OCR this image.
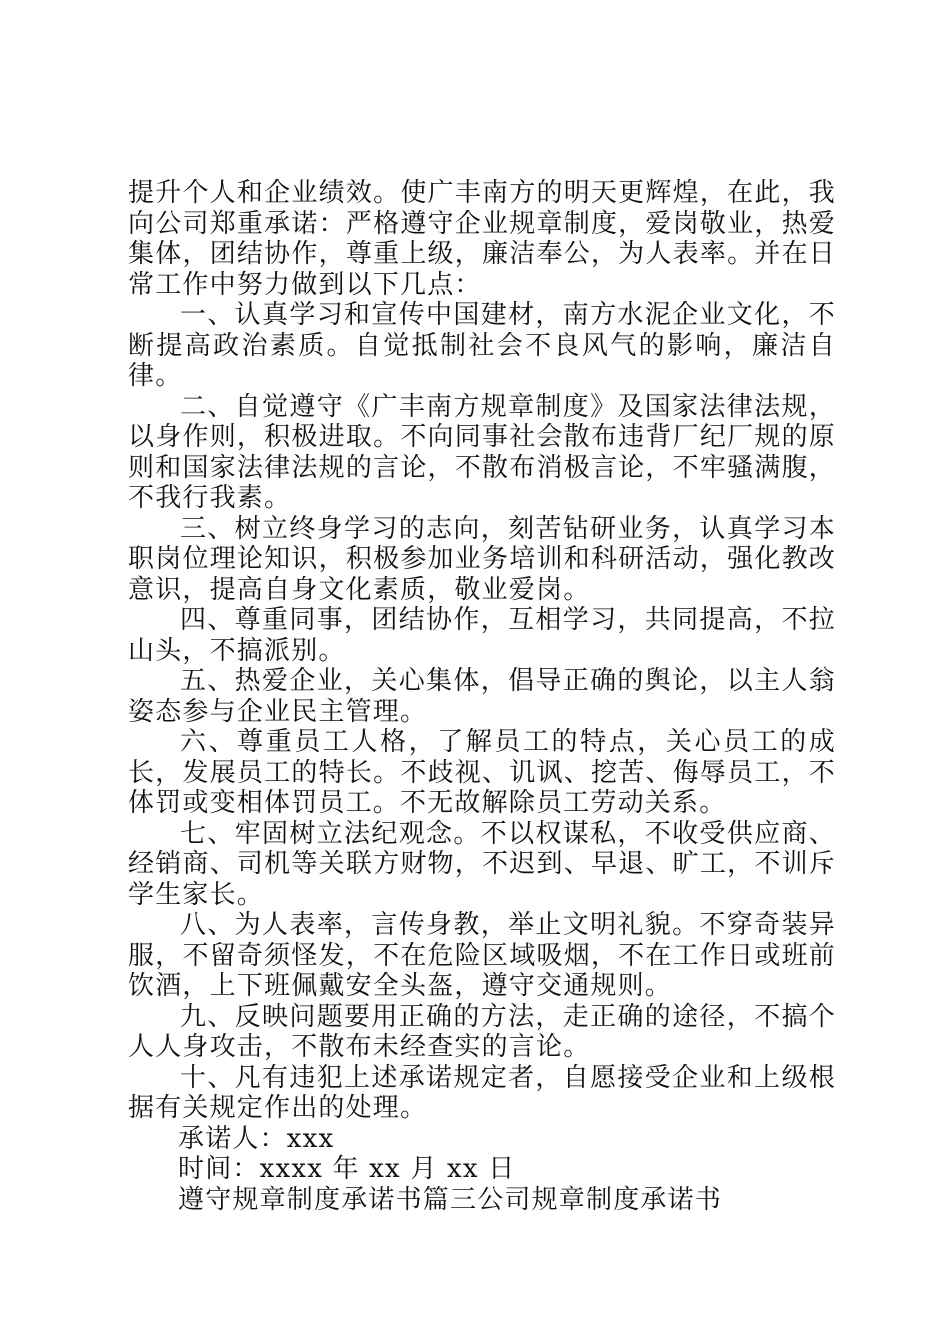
提升个人和企业绩效。使广丰南方的明天更辉煌，在此，我向公司郑重承诺：严格遵守企业规章制度，爱岗敬业，热爱集体，团结协作，尊重上级，廉洁奉公，为人表率。并在日常工作中努力做到以下几点：

一、认真学习和宣传中国建材，南方水泥企业文化，不断提高政治素质。自觉抵制社会不良风气的影响，廉洁自律。

二、自觉遵守《广丰南方规章制度》及国家法律法规，以身作则，积极进取。不向同事社会散布违背厂纪厂规的原则和国家法律法规的言论，不散布消极言论，不牢骚满腹，不我行我素。

三、树立终身学习的志向，刻苦钻研业务，认真学习本职岗位理论知识，积极参加业务培训和科研活动，强化教改意识，提高自身文化素质，敬业爱岗。

四、尊重同事，团结协作，互相学习，共同提高，不拉山头，不搞派别。

五、热爱企业，关心集体，倡导正确的舆论，以主人翁姿态参与企业民主管理。

六、尊重员工人格，了解员工的特点，关心员工的成长，发展员工的特长。不歧视、讥讽、挖苦、侮辱员工，不体罚或变相体罚员工。不无故解除员工劳动关系。

七、牢固树立法纪观念。不以权谋私，不收受供应商、经销商、司机等关联方财物，不迟到、早退、旷工，不训斥学生家长。

八、为人表率，言传身教，举止文明礼貌。不穿奇装异服，不留奇须怪发，不在危险区域吸烟，不在工作日或班前饮酒，上下班佩戴安全头盔，遵守交通规则。

九、反映问题要用正确的方法，走正确的途径，不搞个人人身攻击，不散布未经查实的言论。

十、凡有违犯上述承诺规定者，自愿接受企业和上级根据有关规定作出的处理。

承诺人：xxx

时间：xxxx 年 xx 月 xx 日

遵守规章制度承诺书篇三公司规章制度承诺书
